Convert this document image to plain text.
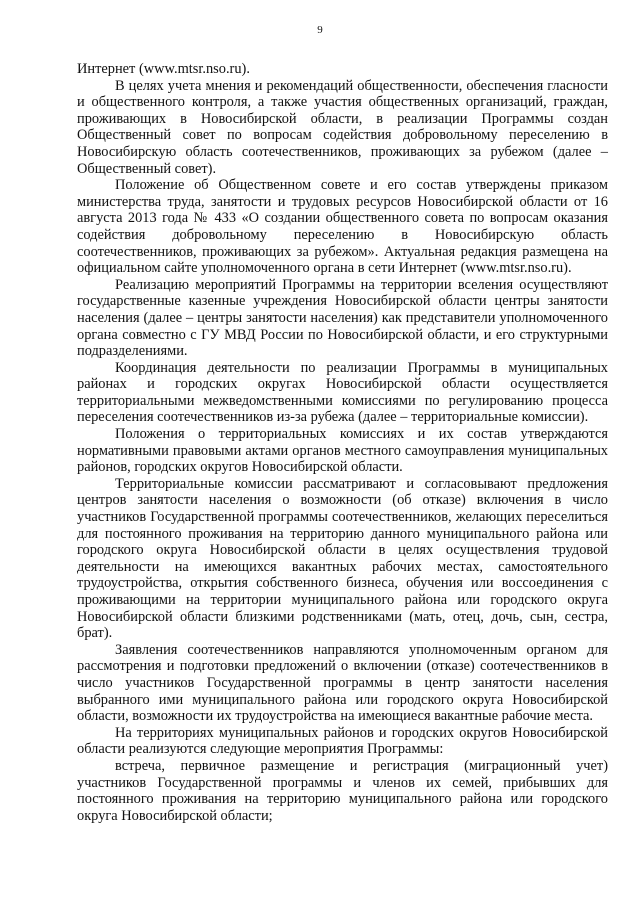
9

Интернет (www.mtsr.nso.ru).

В целях учета мнения и рекомендаций общественности, обеспечения гласности и общественного контроля, а также участия общественных организаций, граждан, проживающих в Новосибирской области, в реализации Программы создан Общественный совет по вопросам содействия добровольному переселению в Новосибирскую область соотечественников, проживающих за рубежом (далее – Общественный совет).

Положение об Общественном совете и его состав утверждены приказом министерства труда, занятости и трудовых ресурсов Новосибирской области от 16 августа 2013 года № 433 «О создании общественного совета по вопросам оказания содействия добровольному переселению в Новосибирскую область соотечественников, проживающих за рубежом». Актуальная редакция размещена на официальном сайте уполномоченного органа в сети Интернет (www.mtsr.nso.ru).

Реализацию мероприятий Программы на территории вселения осуществляют государственные казенные учреждения Новосибирской области центры занятости населения (далее – центры занятости населения) как представители уполномоченного органа совместно с ГУ МВД России по Новосибирской области, и его структурными подразделениями.

Координация деятельности по реализации Программы в муниципальных районах и городских округах Новосибирской области осуществляется территориальными межведомственными комиссиями по регулированию процесса переселения соотечественников из-за рубежа (далее – территориальные комиссии).

Положения о территориальных комиссиях и их состав утверждаются нормативными правовыми актами органов местного самоуправления муниципальных районов, городских округов Новосибирской области.

Территориальные комиссии рассматривают и согласовывают предложения центров занятости населения о возможности (об отказе) включения в число участников Государственной программы соотечественников, желающих переселиться для постоянного проживания на территорию данного муниципального района или городского округа Новосибирской области в целях осуществления трудовой деятельности на имеющихся вакантных рабочих местах, самостоятельного трудоустройства, открытия собственного бизнеса, обучения или воссоединения с проживающими на территории муниципального района или городского округа Новосибирской области близкими родственниками (мать, отец, дочь, сын, сестра, брат).

Заявления соотечественников направляются уполномоченным органом для рассмотрения и подготовки предложений о включении (отказе) соотечественников в число участников Государственной программы в центр занятости населения выбранного ими муниципального района или городского округа Новосибирской области, возможности их трудоустройства на имеющиеся вакантные рабочие места.

На территориях муниципальных районов и городских округов Новосибирской области реализуются следующие мероприятия Программы:

встреча, первичное размещение и регистрация (миграционный учет) участников Государственной программы и членов их семей, прибывших для постоянного проживания на территорию муниципального района или городского округа Новосибирской области;
